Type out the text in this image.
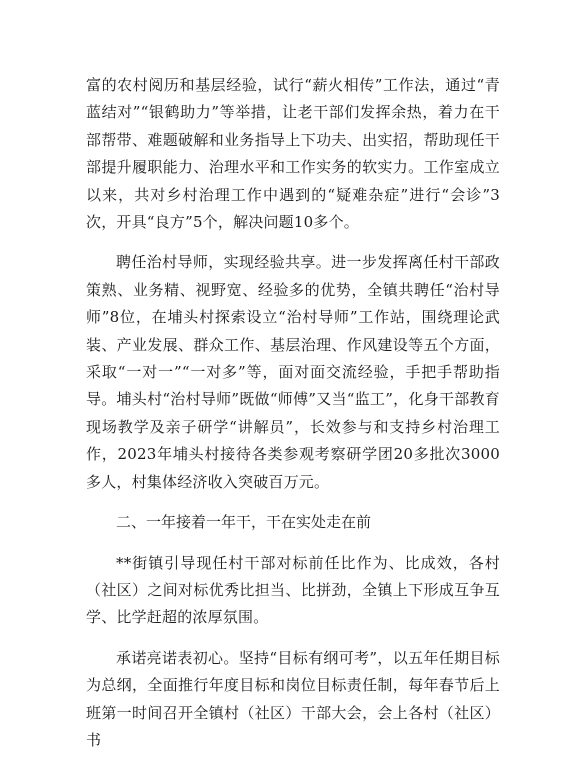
富的农村阅历和基层经验，试行“薪火相传”工作法，通过“青蓝结对”“银鹤助力”等举措，让老干部们发挥余热，着力在干部帮带、难题破解和业务指导上下功夫、出实招，帮助现任干部提升履职能力、治理水平和工作实务的软实力。工作室成立以来，共对乡村治理工作中遇到的“疑难杂症”进行“会诊”3次，开具“良方”5个，解决问题10多个。

聘任治村导师，实现经验共享。进一步发挥离任村干部政策熟、业务精、视野宽、经验多的优势，全镇共聘任“治村导师”8位，在埔头村探索设立“治村导师”工作站，围绕理论武装、产业发展、群众工作、基层治理、作风建设等五个方面，采取“一对一”“一对多”等，面对面交流经验，手把手帮助指导。埔头村“治村导师”既做“师傅”又当“监工”，化身干部教育现场教学及亲子研学“讲解员”，长效参与和支持乡村治理工作，2023年埔头村接待各类参观考察研学团20多批次3000多人，村集体经济收入突破百万元。

二、一年接着一年干，干在实处走在前

**街镇引导现任村干部对标前任比作为、比成效，各村（社区）之间对标优秀比担当、比拼劲，全镇上下形成互争互学、比学赶超的浓厚氛围。

承诺亮诺表初心。坚持“目标有纲可考”，以五年任期目标为总纲，全面推行年度目标和岗位目标责任制，每年春节后上班第一时间召开全镇村（社区）干部大会，会上各村（社区）书
